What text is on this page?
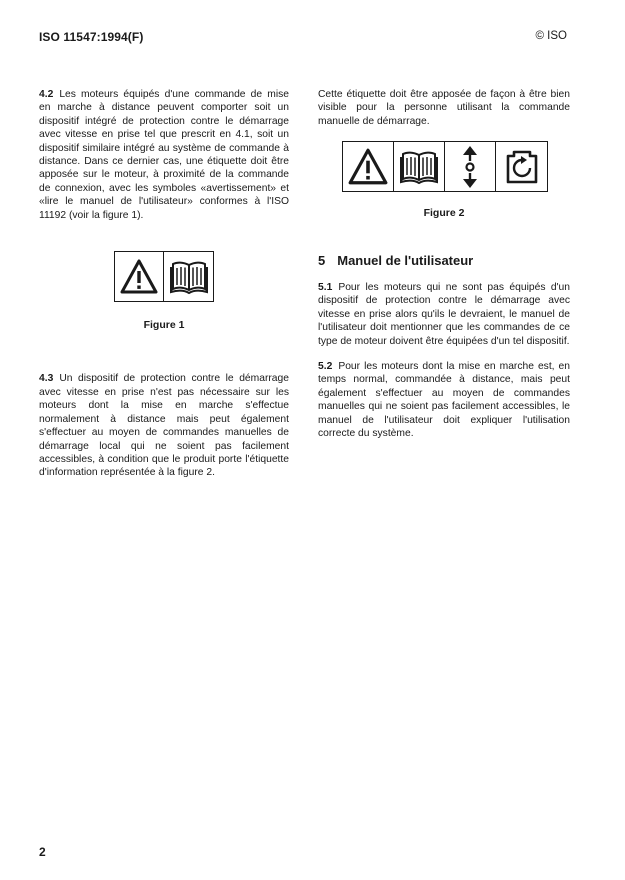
ISO 11547:1994(F)	© ISO

4.2 Les moteurs équipés d'une commande de mise en marche à distance peuvent comporter soit un dispositif intégré de protection contre le démarrage avec vitesse en prise tel que prescrit en 4.1, soit un dispositif similaire intégré au système de commande à distance. Dans ce dernier cas, une étiquette doit être apposée sur le moteur, à proximité de la commande de connexion, avec les symboles «avertissement» et «lire le manuel de l'utilisateur» conformes à l'ISO 11192 (voir la figure 1).

Figure 1

4.3 Un dispositif de protection contre le démarrage avec vitesse en prise n'est pas nécessaire sur les moteurs dont la mise en marche s'effectue normalement à distance mais peut également s'effectuer au moyen de commandes manuelles de démarrage local qui ne soient pas facilement accessibles, à condition que le produit porte l'étiquette d'information représentée à la figure 2.

Cette étiquette doit être apposée de façon à être bien visible pour la personne utilisant la commande manuelle de démarrage.

Figure 2
5 Manuel de l'utilisateur

5.1 Pour les moteurs qui ne sont pas équipés d'un dispositif de protection contre le démarrage avec vitesse en prise alors qu'ils le devraient, le manuel de l'utilisateur doit mentionner que les commandes de ce type de moteur doivent être équipées d'un tel dispositif.

5.2 Pour les moteurs dont la mise en marche est, en temps normal, commandée à distance, mais peut également s'effectuer au moyen de commandes manuelles qui ne soient pas facilement accessibles, le manuel de l'utilisateur doit expliquer l'utilisation correcte du système.

2
